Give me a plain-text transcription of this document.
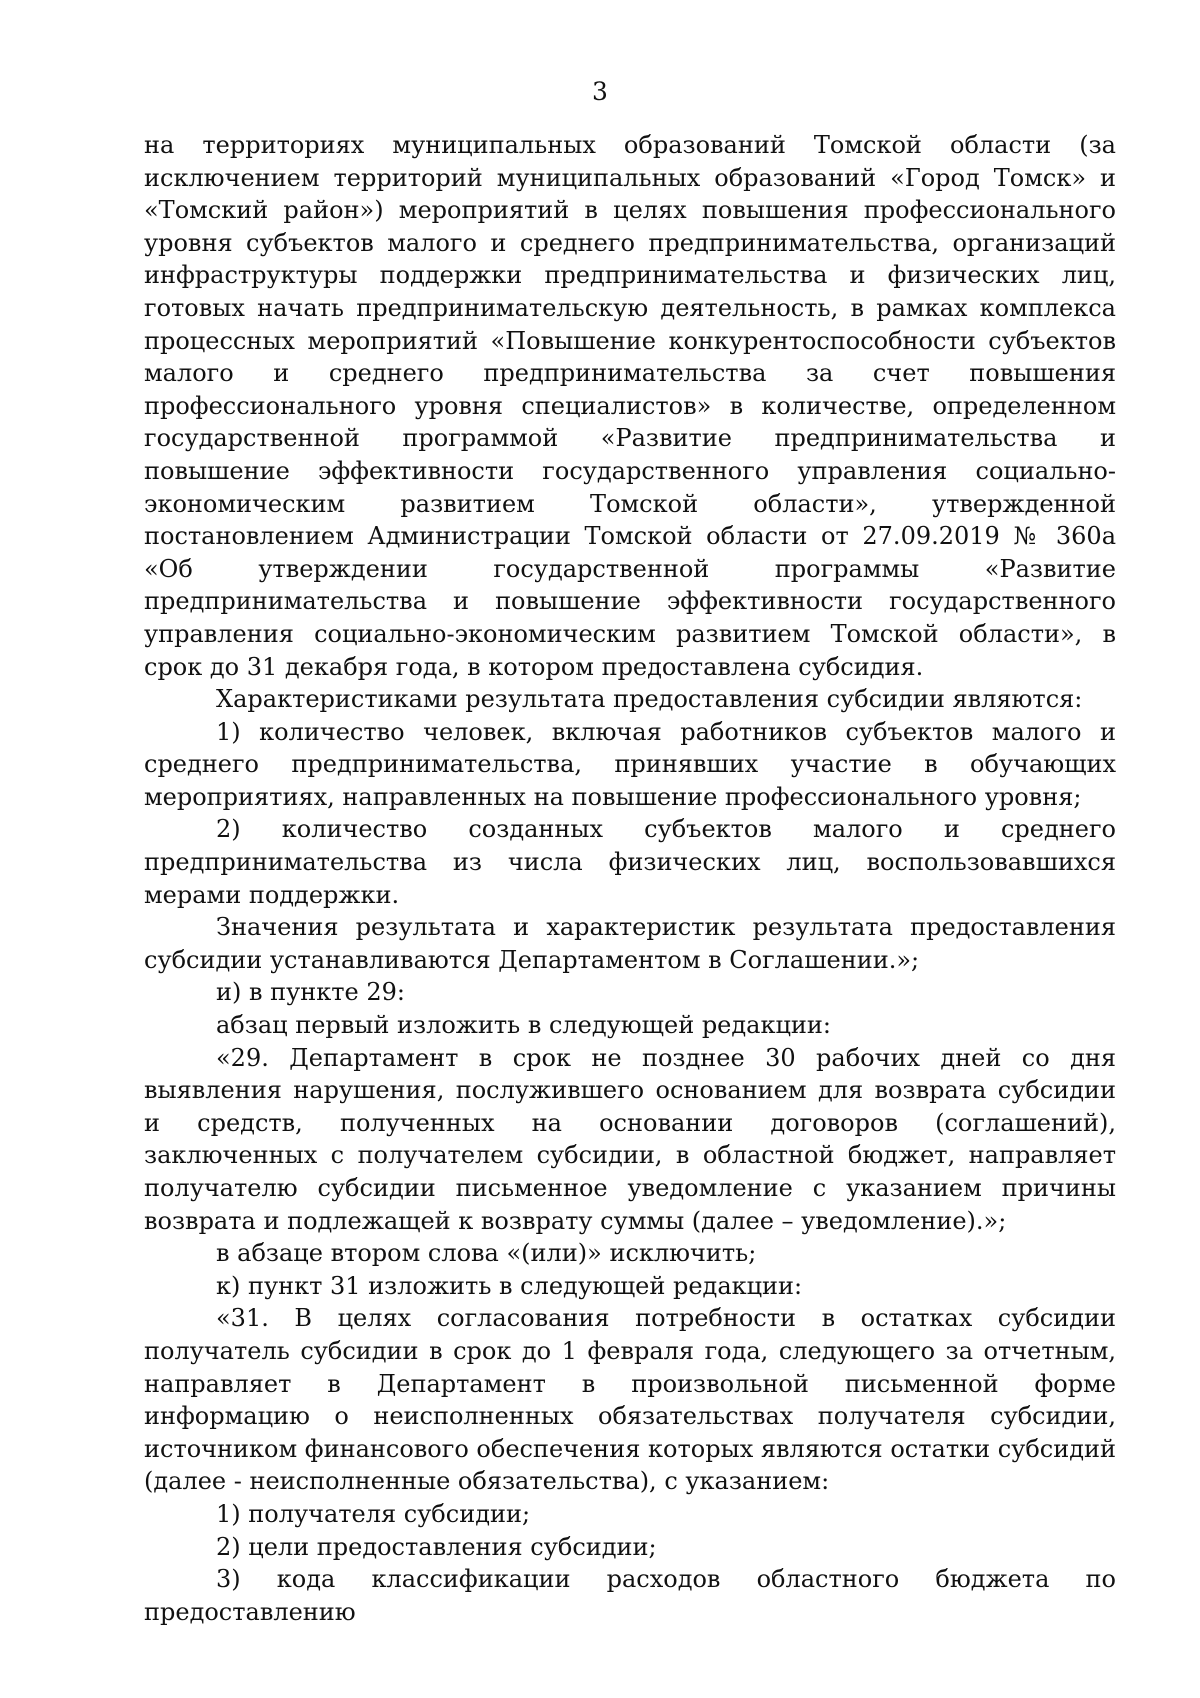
3

на территориях муниципальных образований Томской области (за исключением территорий муниципальных образований «Город Томск» и «Томский район») мероприятий в целях повышения профессионального уровня субъектов малого и среднего предпринимательства, организаций инфраструктуры поддержки предпринимательства и физических лиц, готовых начать предпринимательскую деятельность, в рамках комплекса процессных мероприятий «Повышение конкурентоспособности субъектов малого и среднего предпринимательства за счет повышения профессионального уровня специалистов» в количестве, определенном государственной программой «Развитие предпринимательства и повышение эффективности государственного управления социально-экономическим развитием Томской области», утвержденной постановлением Администрации Томской области от 27.09.2019 № 360а «Об утверждении государственной программы «Развитие предпринимательства и повышение эффективности государственного управления социально-экономическим развитием Томской области», в срок до 31 декабря года, в котором предоставлена субсидия.

Характеристиками результата предоставления субсидии являются:

1) количество человек, включая работников субъектов малого и среднего предпринимательства, принявших участие в обучающих мероприятиях, направленных на повышение профессионального уровня;

2) количество созданных субъектов малого и среднего предпринимательства из числа физических лиц, воспользовавшихся мерами поддержки.

Значения результата и характеристик результата предоставления субсидии устанавливаются Департаментом в Соглашении.»;

и) в пункте 29:

абзац первый изложить в следующей редакции:

«29. Департамент в срок не позднее 30 рабочих дней со дня выявления нарушения, послужившего основанием для возврата субсидии и средств, полученных на основании договоров (соглашений), заключенных с получателем субсидии, в областной бюджет, направляет получателю субсидии письменное уведомление с указанием причины возврата и подлежащей к возврату суммы (далее – уведомление).»;

в абзаце втором слова «(или)» исключить;

к) пункт 31 изложить в следующей редакции:

«31. В целях согласования потребности в остатках субсидии получатель субсидии в срок до 1 февраля года, следующего за отчетным, направляет в Департамент в произвольной письменной форме информацию о неисполненных обязательствах получателя субсидии, источником финансового обеспечения которых являются остатки субсидий (далее - неисполненные обязательства), с указанием:

1) получателя субсидии;

2) цели предоставления субсидии;

3) кода классификации расходов областного бюджета по предоставлению
